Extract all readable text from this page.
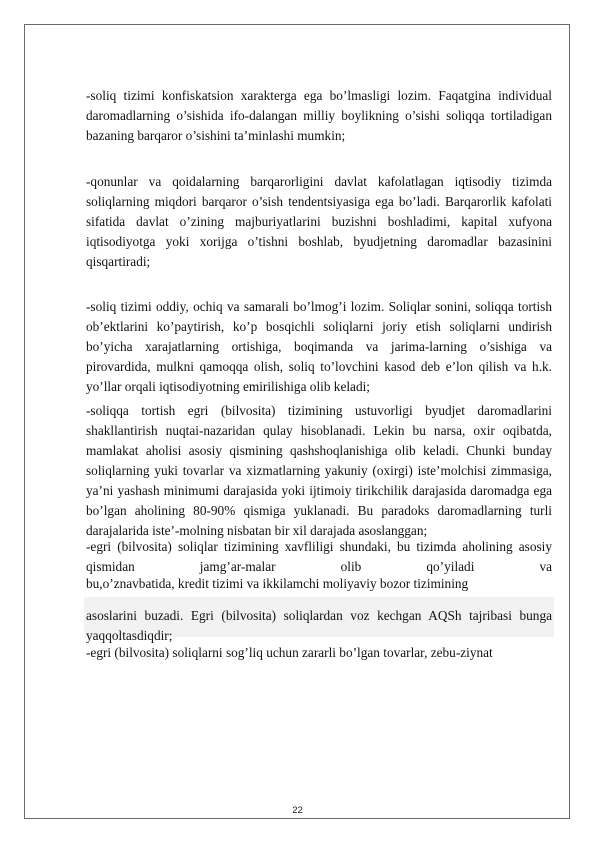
-soliq tizimi konfiskatsion xarakterga ega bo’lmasligi lozim. Faqatgina individual daromadlarning o’sishida ifo-dalangan milliy boylikning o’sishi soliqqa tortiladigan bazaning barqaror o’sishini ta’minlashi mumkin;

-qonunlar va qoidalarning barqarorligini davlat kafolatlagan iqtisodiy tizimda soliqlarning miqdori barqaror o’sish tendentsiyasiga ega bo’ladi. Barqarorlik kafolati sifatida davlat o’zining majburiyatlarini buzishni boshladimi, kapital xufyona iqtisodiyotga yoki xorijga o’tishni boshlab, byudjetning daromadlar bazasinini qisqartiradi;

-soliq tizimi oddiy, ochiq va samarali bo’lmog’i lozim. Soliqlar sonini, soliqqa tortish ob’ektlarini ko’paytirish, ko’p bosqichli soliqlarni joriy etish soliqlarni undirish bo’yicha xarajatlarning ortishiga, boqimanda va jarima-larning o’sishiga va pirovardida, mulkni qamoqqa olish, soliq to’lovchini kasod deb e’lon qilish va h.k. yo’llar orqali iqtisodiyotning emirilishiga olib keladi;

-soliqqa tortish egri (bilvosita) tizimining ustuvorligi byudjet daromadlarini shakllantirish nuqtai-nazaridan qulay hisoblanadi. Lekin bu narsa, oxir oqibatda, mamlakat aholisi asosiy qismining qashshoqlanishiga olib keladi. Chunki bunday soliqlarning yuki tovarlar va xizmatlarning yakuniy (oxirgi) iste’molchisi zimmasiga, ya’ni yashash minimumi darajasida yoki ijtimoiy tirikchilik darajasida daromadga ega bo’lgan aholining 80-90% qismiga yuklanadi. Bu paradoks daromadlarning turli darajalarida iste’-molning nisbatan bir xil darajada asoslanggan;

-egri (bilvosita) soliqlar tizimining xavfliligi shundaki, bu tizimda aholining asosiy qismidan jamg’ar-malar olib qo’yiladi va

bu,o’znavbatida, kredit tizimi va ikkilamchi moliyaviy bozor tizimining

asoslarini buzadi. Egri (bilvosita) soliqlardan voz kechgan AQSh tajribasi bunga yaqqoltasdiqdir;

-egri (bilvosita) soliqlarni sog’liq uchun zararli bo’lgan tovarlar, zebu-ziynat

22
